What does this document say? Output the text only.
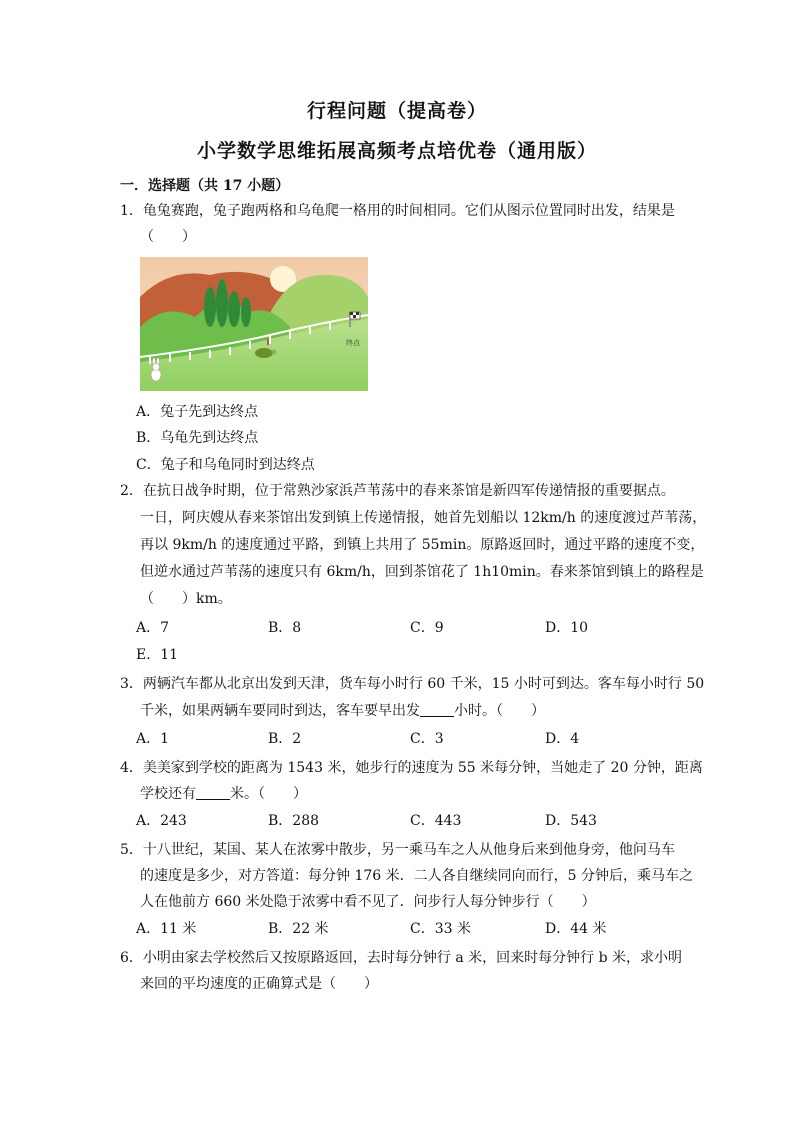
行程问题（提高卷）
小学数学思维拓展高频考点培优卷（通用版）
一．选择题（共 17 小题）
1．龟兔赛跑，兔子跑两格和乌龟爬一格用的时间相同。它们从图示位置同时出发，结果是
（　　）
终点
A．兔子先到达终点
B．乌龟先到达终点
C．兔子和乌龟同时到达终点
2．在抗日战争时期，位于常熟沙家浜芦苇荡中的春来茶馆是新四军传递情报的重要据点。
一日，阿庆嫂从春来茶馆出发到镇上传递情报，她首先划船以 12km/h 的速度渡过芦苇荡，
再以 9km/h 的速度通过平路，到镇上共用了 55min。原路返回时，通过平路的速度不变，
但逆水通过芦苇荡的速度只有 6km/h，回到茶馆花了 1h10min。春来茶馆到镇上的路程是
（　　）km。
A．7	B．8	C．9	D．10
E．11
3．两辆汽车都从北京出发到天津，货车每小时行 60 千米，15 小时可到达。客车每小时行 50
千米，如果两辆车要同时到达，客车要早出发 小时。（　　）
A．1	B．2	C．3	D．4
4．美美家到学校的距离为 1543 米，她步行的速度为 55 米每分钟，当她走了 20 分钟，距离
学校还有 米。（　　）
A．243	B．288	C．443	D．543
5．十八世纪，某国、某人在浓雾中散步，另一乘马车之人从他身后来到他身旁，他问马车
的速度是多少，对方答道：每分钟 176 米．二人各自继续同向而行，5 分钟后，乘马车之
人在他前方 660 米处隐于浓雾中看不见了．问步行人每分钟步行（　　）
A．11 米	B．22 米	C．33 米	D．44 米
6．小明由家去学校然后又按原路返回，去时每分钟行 a 米，回来时每分钟行 b 米，求小明
来回的平均速度的正确算式是（　　）
